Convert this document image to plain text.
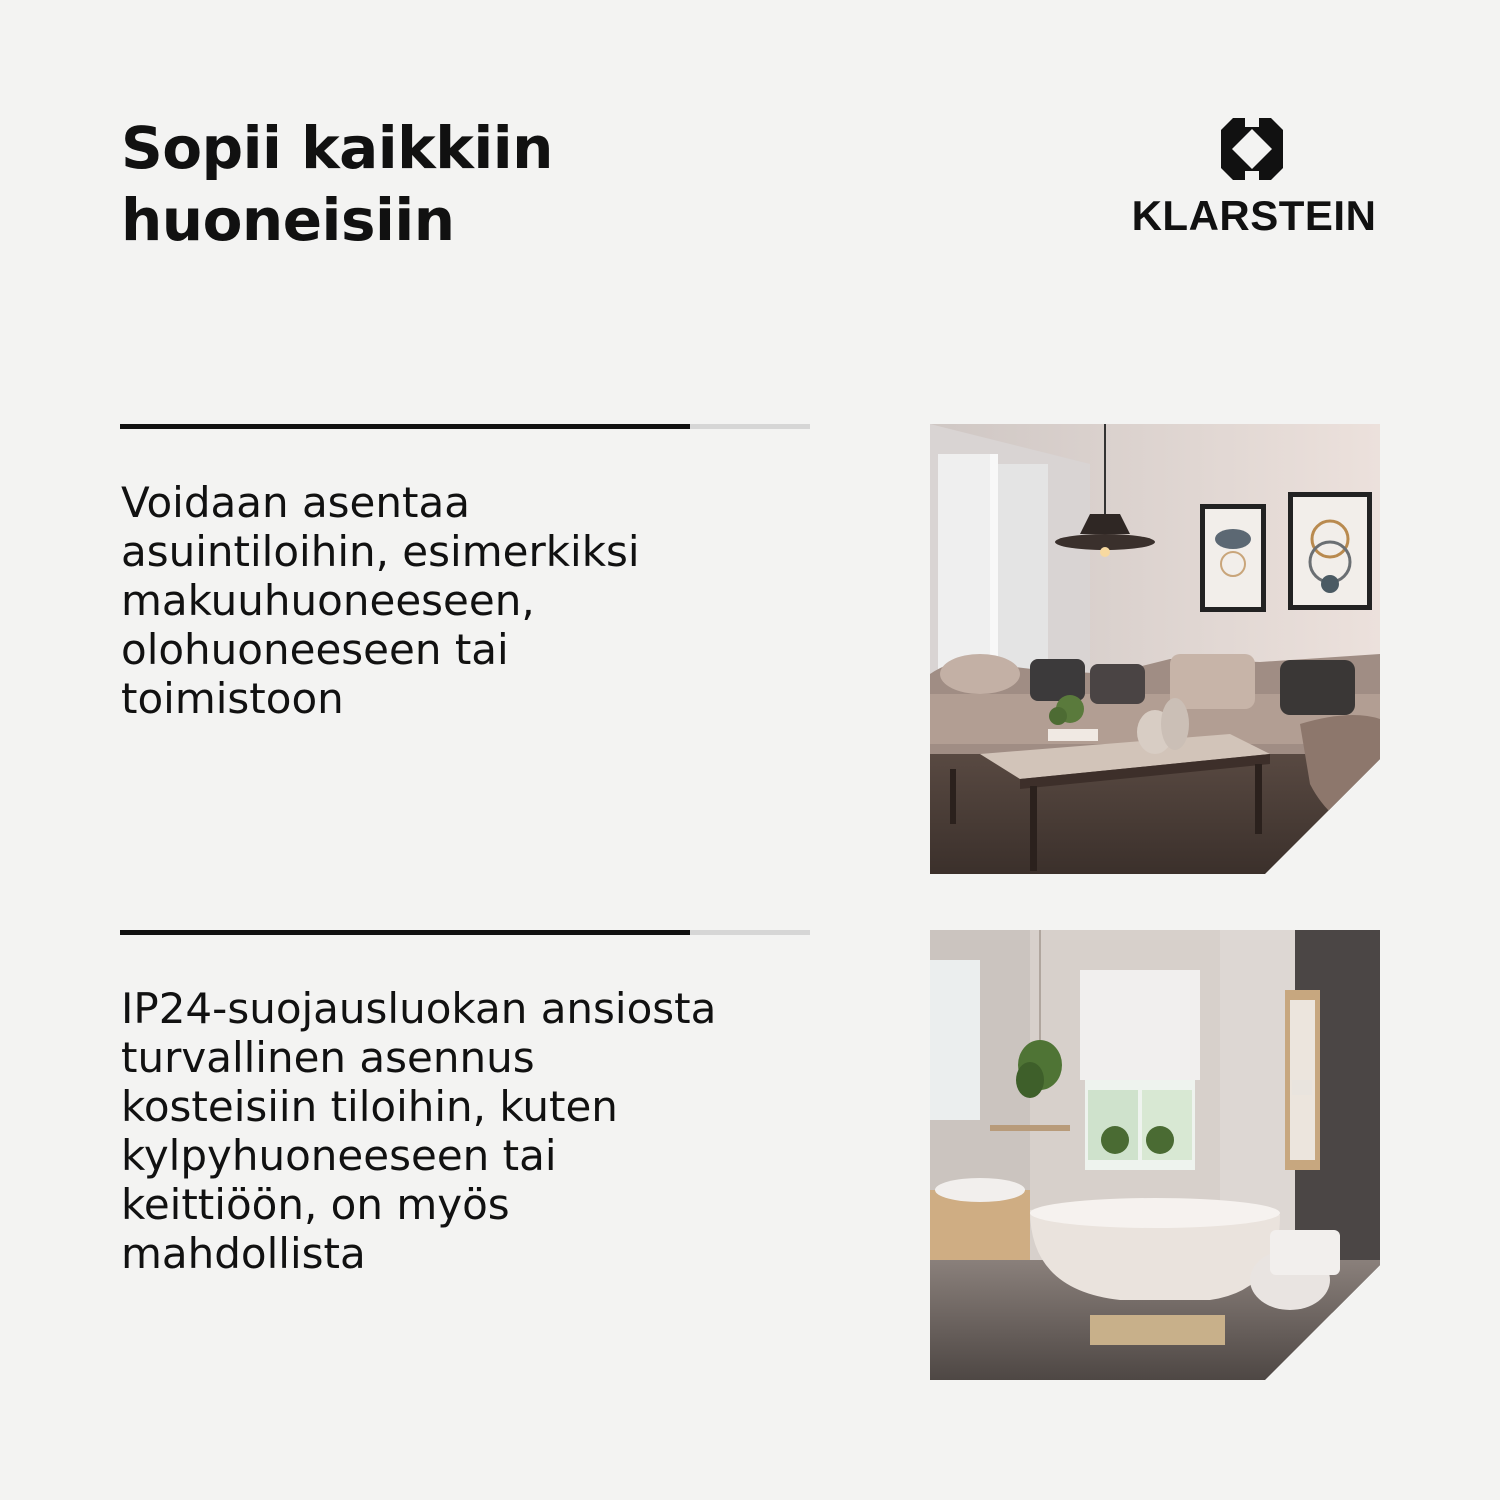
Sopii kaikkiin
huoneisiin	KLARSTEIN
Voidaan asentaa
asuintiloihin, esimerkiksi
makuuhuoneeseen,
olohuoneeseen tai
toimistoon
IP24-suojausluokan ansiosta
turvallinen asennus
kosteisiin tiloihin, kuten
kylpyhuoneeseen tai
keittiöön, on myös
mahdollista
